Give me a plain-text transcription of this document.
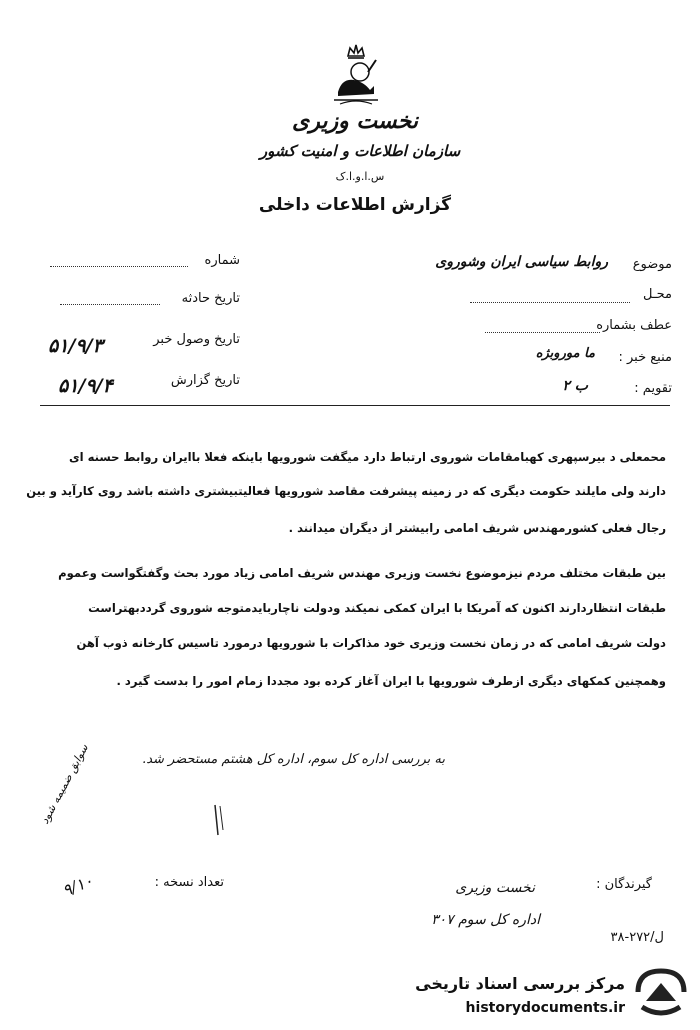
نخست وزیری
سازمان اطلاعات و امنیت کشور
س.ا.و.ا.ک
گزارش اطلاعات داخلی
موضوع
روابط سیاسی ایران وشوروی
محـل
عطف بشماره
منبع خبر :
ما موروبژه
تقویم :
ب ٢
شماره
تاریخ حادثه
تاریخ وصول خبر
۵۱/۹/۳
تاریخ گزارش
۵۱/۹/۴
محمعلی د بیرسپهری کهبامقامات شوروی ارتباط دارد میگفت شورویها باینکه فعلا باایران روابط حسنه ای
دارند ولی مایلند حکومت دیگری که در زمینه پیشرفت مقاصد شورویها فعالیتبیشتری داشته باشد روی کارآید و بین
رجال فعلی کشورمهندس شریف امامی رابیشتر از دیگران میدانند .
بین طبقات مختلف مردم نیزموضوع نخست وزیری مهندس شریف امامی زیاد مورد بحث وگفتگواست وعموم
طبقات انتظاردارند اکنون که آمریکا با ایران کمکی نمیکند ودولت ناچاربایدمتوجه شوروی گرددبهتراست
دولت شریف امامی که در زمان نخست وزیری خود مذاکرات با شورویها درمورد تاسیس کارخانه ذوب آهن
وهمچنین کمکهای دیگری ازطرف شورویها با ایران آغاز کرده بود مجددا زمام امور را بدست گیرد .
به بررسی اداره کل سوم، اداره کل هشتم مستحضر شد.
سوابق ضمیمه شود
۹/۱۰	تعداد نسخه :	گیرندگان :
نخست وزیری
اداره کل سوم ۳۰۷
ل/۲۷۲-۳۸
مرکز بررسی اسناد تاریخی
historydocuments.ir
